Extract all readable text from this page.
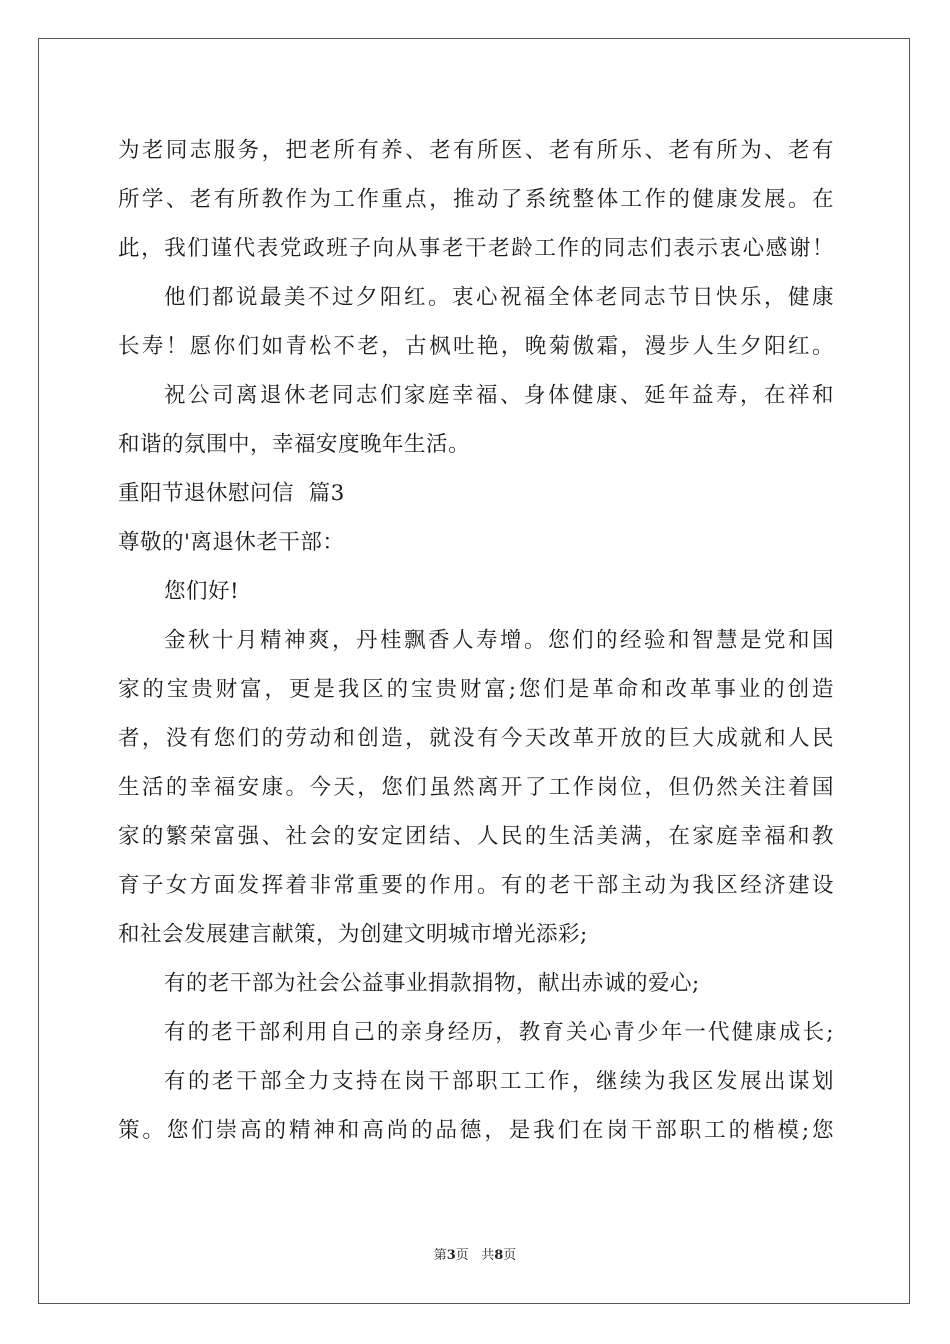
为老同志服务，把老所有养、老有所医、老有所乐、老有所为、老有
所学、老有所教作为工作重点，推动了系统整体工作的健康发展。在
此，我们谨代表党政班子向从事老干老龄工作的同志们表示衷心感谢！
他们都说最美不过夕阳红。衷心祝福全体老同志节日快乐，健康
长寿！愿你们如青松不老，古枫吐艳，晚菊傲霜，漫步人生夕阳红。
祝公司离退休老同志们家庭幸福、身体健康、延年益寿，在祥和
和谐的氛围中，幸福安度晚年生活。
重阳节退休慰问信  篇3
尊敬的'离退休老干部：
您们好!
金秋十月精神爽，丹桂飘香人寿增。您们的经验和智慧是党和国
家的宝贵财富，更是我区的宝贵财富;您们是革命和改革事业的创造
者，没有您们的劳动和创造，就没有今天改革开放的巨大成就和人民
生活的幸福安康。今天，您们虽然离开了工作岗位，但仍然关注着国
家的繁荣富强、社会的安定团结、人民的生活美满，在家庭幸福和教
育子女方面发挥着非常重要的作用。有的老干部主动为我区经济建设
和社会发展建言献策，为创建文明城市增光添彩;
有的老干部为社会公益事业捐款捐物，献出赤诚的爱心;
有的老干部利用自己的亲身经历，教育关心青少年一代健康成长;
有的老干部全力支持在岗干部职工工作，继续为我区发展出谋划
策。您们崇高的精神和高尚的品德，是我们在岗干部职工的楷模;您
第3页   共8页
